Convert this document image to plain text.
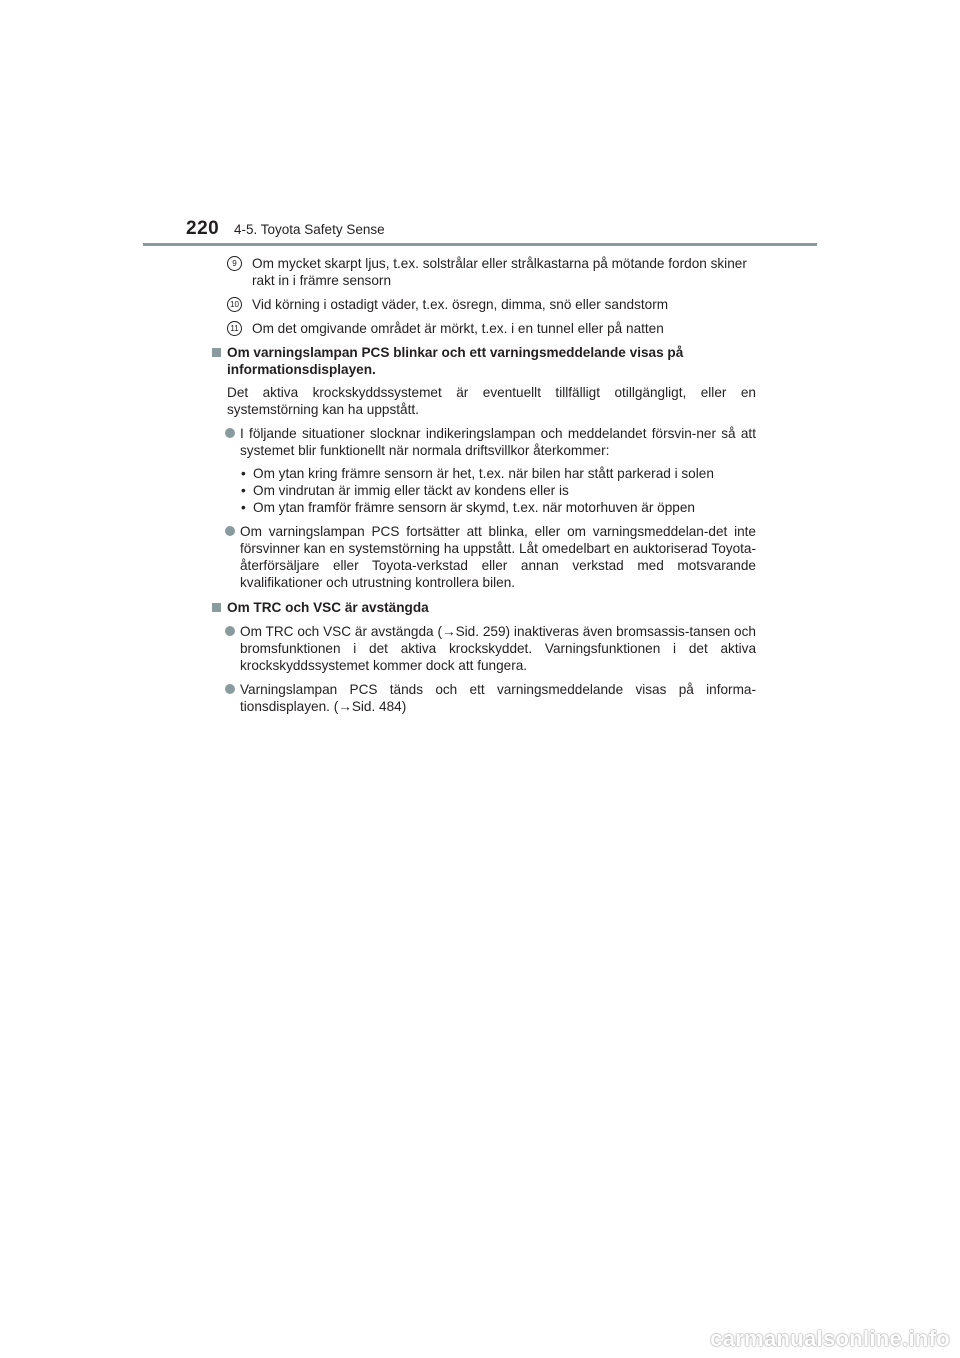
220 4-5. Toyota Safety Sense
9	Om mycket skarpt ljus, t.ex. solstrålar eller strålkastarna på mötande fordon skiner rakt in i främre sensorn
10 Vid körning i ostadigt väder, t.ex. ösregn, dimma, snö eller sandstorm
11 Om det omgivande området är mörkt, t.ex. i en tunnel eller på natten
Om varningslampan PCS blinkar och ett varningsmeddelande visas på informationsdisplayen.
Det aktiva krockskyddssystemet är eventuellt tillfälligt otillgängligt, eller en systemstörning kan ha uppstått.
I följande situationer slocknar indikeringslampan och meddelandet försvin-ner så att systemet blir funktionellt när normala driftsvillkor återkommer:
• Om ytan kring främre sensorn är het, t.ex. när bilen har stått parkerad i solen
• Om vindrutan är immig eller täckt av kondens eller is
• Om ytan framför främre sensorn är skymd, t.ex. när motorhuven är öppen
Om varningslampan PCS fortsätter att blinka, eller om varningsmeddelan-det inte försvinner kan en systemstörning ha uppstått. Låt omedelbart en auktoriserad Toyota-återförsäljare eller Toyota-verkstad eller annan verkstad med motsvarande kvalifikationer och utrustning kontrollera bilen.
Om TRC och VSC är avstängda
Om TRC och VSC är avstängda (→Sid. 259) inaktiveras även bromsassis-tansen och bromsfunktionen i det aktiva krockskyddet. Varningsfunktionen i det aktiva krockskyddssystemet kommer dock att fungera.
Varningslampan PCS tänds och ett varningsmeddelande visas på informa-tionsdisplayen. (→Sid. 484)
carmanualsonline.info
